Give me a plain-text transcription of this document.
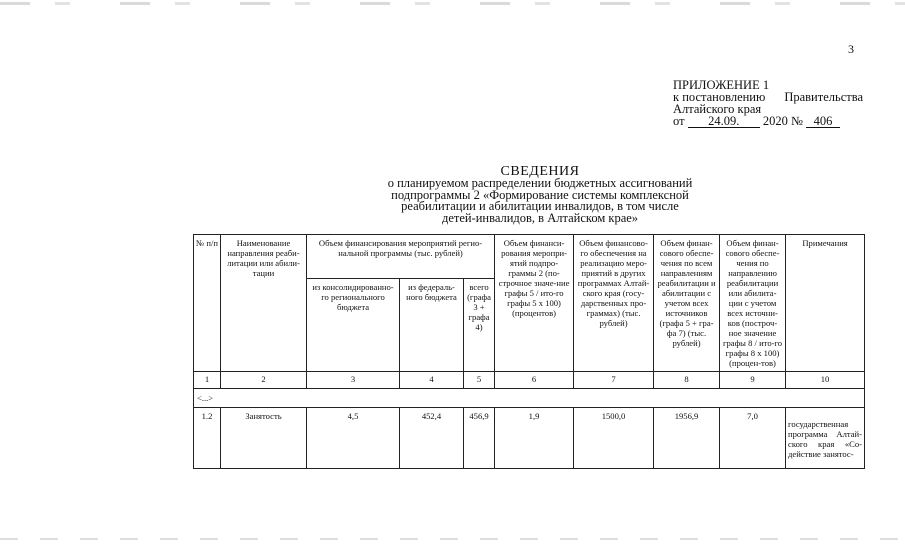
3
ПРИЛОЖЕНИЕ 1
к постановлению Правительства
Алтайского края
от 24.09. 2020 № 406
СВЕДЕНИЯ
о планируемом распределении бюджетных ассигнований
подпрограммы 2 «Формирование системы комплексной
реабилитации и абилитации инвалидов, в том числе
детей-инвалидов, в Алтайском крае»
№ п/п	Наименование направления реаби-литации или абили-тации	Объем финансирования мероприятий регио-нальной программы (тыс. рублей)			Объем финанси-рования меропри-ятий подпро-граммы 2 (по-строчное значе-ние графы 5 / ито-го графы 5 х 100) (процентов)	Объем финансово-го обеспечения на реализацию меро-приятий в других программах Алтай-ского края (госу-дарственных про-граммах) (тыс. рублей)	Объем финан-сового обеспе-чения по всем направлениям реабилитации и абилитации с учетом всех источников (графа 5 + гра-фа 7) (тыс. рублей)	Объем финан-сового обеспе-чения по направлению реабилитации или абилита-ции с учетом всех источни-ков (построч-ное значение графы 8 / ито-го графы 8 х 100) (процен-тов)	Примечания
		из консолидированно-го регионального бюджета	из федераль-ного бюджета	всего (графа 3 + графа 4)					
1	2	3	4	5	6	7	8	9	10
<...>									
1.2	Занятость	4,5	452,4	456,9	1,9	1500,0	1956,9	7,0	государственная программа Алтай-ского края «Со-действие занятос-
